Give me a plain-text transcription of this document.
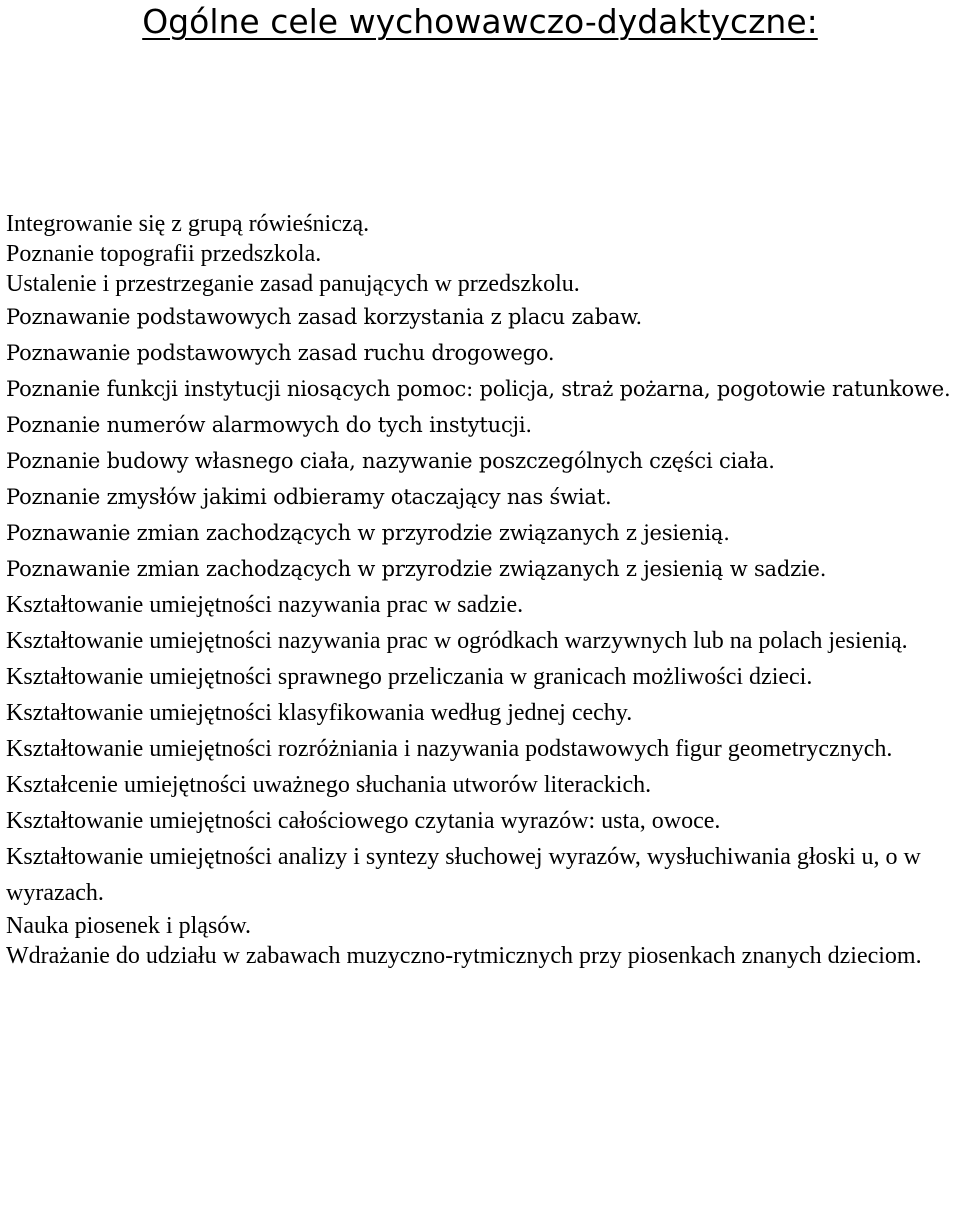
Ogólne cele wychowawczo-dydaktyczne:
Integrowanie się z grupą rówieśniczą.
Poznanie topografii przedszkola.
Ustalenie i przestrzeganie zasad panujących w przedszkolu.
Poznawanie podstawowych zasad korzystania z placu zabaw.
Poznawanie podstawowych zasad ruchu drogowego.
Poznanie funkcji instytucji niosących pomoc: policja, straż pożarna, pogotowie ratunkowe.
Poznanie numerów alarmowych do tych instytucji.
Poznanie budowy własnego ciała, nazywanie poszczególnych części ciała.
Poznanie zmysłów jakimi odbieramy otaczający nas świat.
Poznawanie zmian zachodzących w przyrodzie związanych z jesienią.
Poznawanie zmian zachodzących w przyrodzie związanych z jesienią w sadzie.
Kształtowanie umiejętności nazywania prac w sadzie.
Kształtowanie umiejętności nazywania prac w ogródkach warzywnych lub na polach jesienią.
Kształtowanie umiejętności sprawnego przeliczania w granicach możliwości dzieci.
Kształtowanie umiejętności klasyfikowania według jednej cechy.
Kształtowanie umiejętności rozróżniania i nazywania podstawowych figur geometrycznych.
Kształcenie umiejętności uważnego słuchania utworów literackich.
Kształtowanie umiejętności całościowego czytania wyrazów: usta, owoce.
Kształtowanie umiejętności analizy i syntezy słuchowej wyrazów, wysłuchiwania głoski u, o w wyrazach.
Nauka piosenek i pląsów.
Wdrażanie do udziału w zabawach muzyczno-rytmicznych przy piosenkach znanych dzieciom.
